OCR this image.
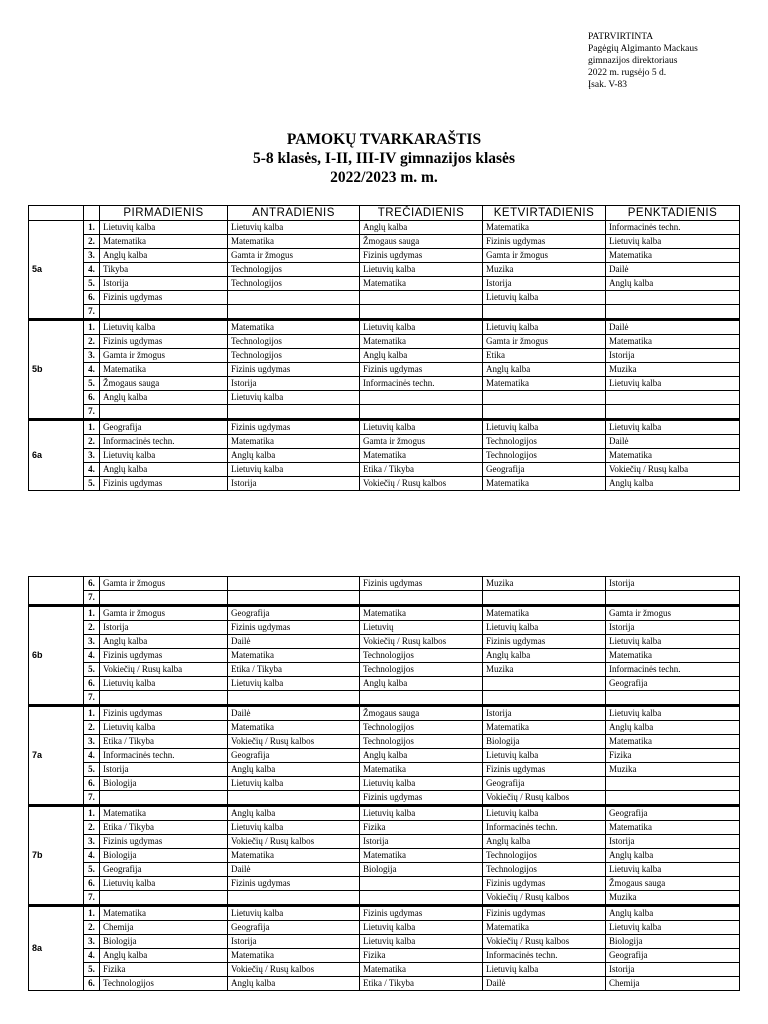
PATRVIRTINTA
Pagėgių Algimanto Mackaus
gimnazijos direktoriaus
2022 m. rugsėjo 5 d.
Įsak. V-83
PAMOKŲ TVARKARAŠTIS
5-8 klasės, I-II, III-IV gimnazijos klasės
2022/2023 m. m.
		PIRMADIENIS	ANTRADIENIS	TREČIADIENIS	KETVIRTADIENIS	PENKTADIENIS
5a	1.	Lietuvių kalba	Lietuvių kalba	Anglų kalba	Matematika	Informacinės techn.
	2.	Matematika	Matematika	Žmogaus sauga	Fizinis ugdymas	Lietuvių kalba
	3.	Anglų kalba	Gamta ir žmogus	Fizinis ugdymas	Gamta ir žmogus	Matematika
	4.	Tikyba	Technologijos	Lietuvių kalba	Muzika	Dailė
	5.	Istorija	Technologijos	Matematika	Istorija	Anglų kalba
	6.	Fizinis ugdymas			Lietuvių kalba	
	7.					
5b	1.	Lietuvių kalba	Matematika	Lietuvių kalba	Lietuvių kalba	Dailė
	2.	Fizinis ugdymas	Technologijos	Matematika	Gamta ir žmogus	Matematika
	3.	Gamta ir žmogus	Technologijos	Anglų kalba	Etika	Istorija
	4.	Matematika	Fizinis ugdymas	Fizinis ugdymas	Anglų kalba	Muzika
	5.	Žmogaus sauga	Istorija	Informacinės techn.	Matematika	Lietuvių kalba
	6.	Anglų kalba	Lietuvių kalba			
	7.					
6a	1.	Geografija	Fizinis ugdymas	Lietuvių kalba	Lietuvių kalba	Lietuvių kalba
	2.	Informacinės techn.	Matematika	Gamta ir žmogus	Technologijos	Dailė
	3.	Lietuvių kalba	Anglų kalba	Matematika	Technologijos	Matematika
	4.	Anglų kalba	Lietuvių kalba	Etika / Tikyba	Geografija	Vokiečių / Rusų kalba
	5.	Fizinis ugdymas	Istorija	Vokiečių / Rusų kalbos	Matematika	Anglų kalba
	6.	Gamta ir žmogus		Fizinis ugdymas	Muzika	Istorija
	7.					
6b	1.	Gamta ir žmogus	Geografija	Matematika	Matematika	Gamta ir žmogus
	2.	Istorija	Fizinis ugdymas	Lietuvių	Lietuvių kalba	Istorija
	3.	Anglų kalba	Dailė	Vokiečių / Rusų kalbos	Fizinis ugdymas	Lietuvių kalba
	4.	Fizinis ugdymas	Matematika	Technologijos	Anglų kalba	Matematika
	5.	Vokiečių / Rusų kalba	Etika / Tikyba	Technologijos	Muzika	Informacinės techn.
	6.	Lietuvių kalba	Lietuvių kalba	Anglų kalba		Geografija
	7.					
7a	1.	Fizinis ugdymas	Dailė	Žmogaus sauga	Istorija	Lietuvių kalba
	2.	Lietuvių kalba	Matematika	Technologijos	Matematika	Anglų kalba
	3.	Etika / Tikyba	Vokiečių / Rusų kalbos	Technologijos	Biologija	Matematika
	4.	Informacinės techn.	Geografija	Anglų kalba	Lietuvių kalba	Fizika
	5.	Istorija	Anglų kalba	Matematika	Fizinis ugdymas	Muzika
	6.	Biologija	Lietuvių kalba	Lietuvių kalba	Geografija	
	7.			Fizinis ugdymas	Vokiečių / Rusų kalbos	
7b	1.	Matematika	Anglų kalba	Lietuvių kalba	Lietuvių kalba	Geografija
	2.	Etika / Tikyba	Lietuvių kalba	Fizika	Informacinės techn.	Matematika
	3.	Fizinis ugdymas	Vokiečių / Rusų kalbos	Istorija	Anglų kalba	Istorija
	4.	Biologija	Matematika	Matematika	Technologijos	Anglų kalba
	5.	Geografija	Dailė	Biologija	Technologijos	Lietuvių kalba
	6.	Lietuvių kalba	Fizinis ugdymas		Fizinis ugdymas	Žmogaus sauga
	7.				Vokiečių / Rusų kalbos	Muzika
8a	1.	Matematika	Lietuvių kalba	Fizinis ugdymas	Fizinis ugdymas	Anglų kalba
	2.	Chemija	Geografija	Lietuvių kalba	Matematika	Lietuvių kalba
	3.	Biologija	Istorija	Lietuvių kalba	Vokiečių / Rusų kalbos	Biologija
	4.	Anglų kalba	Matematika	Fizika	Informacinės techn.	Geografija
	5.	Fizika	Vokiečių / Rusų kalbos	Matematika	Lietuvių kalba	Istorija
	6.	Technologijos	Anglų kalba	Etika / Tikyba	Dailė	Chemija
